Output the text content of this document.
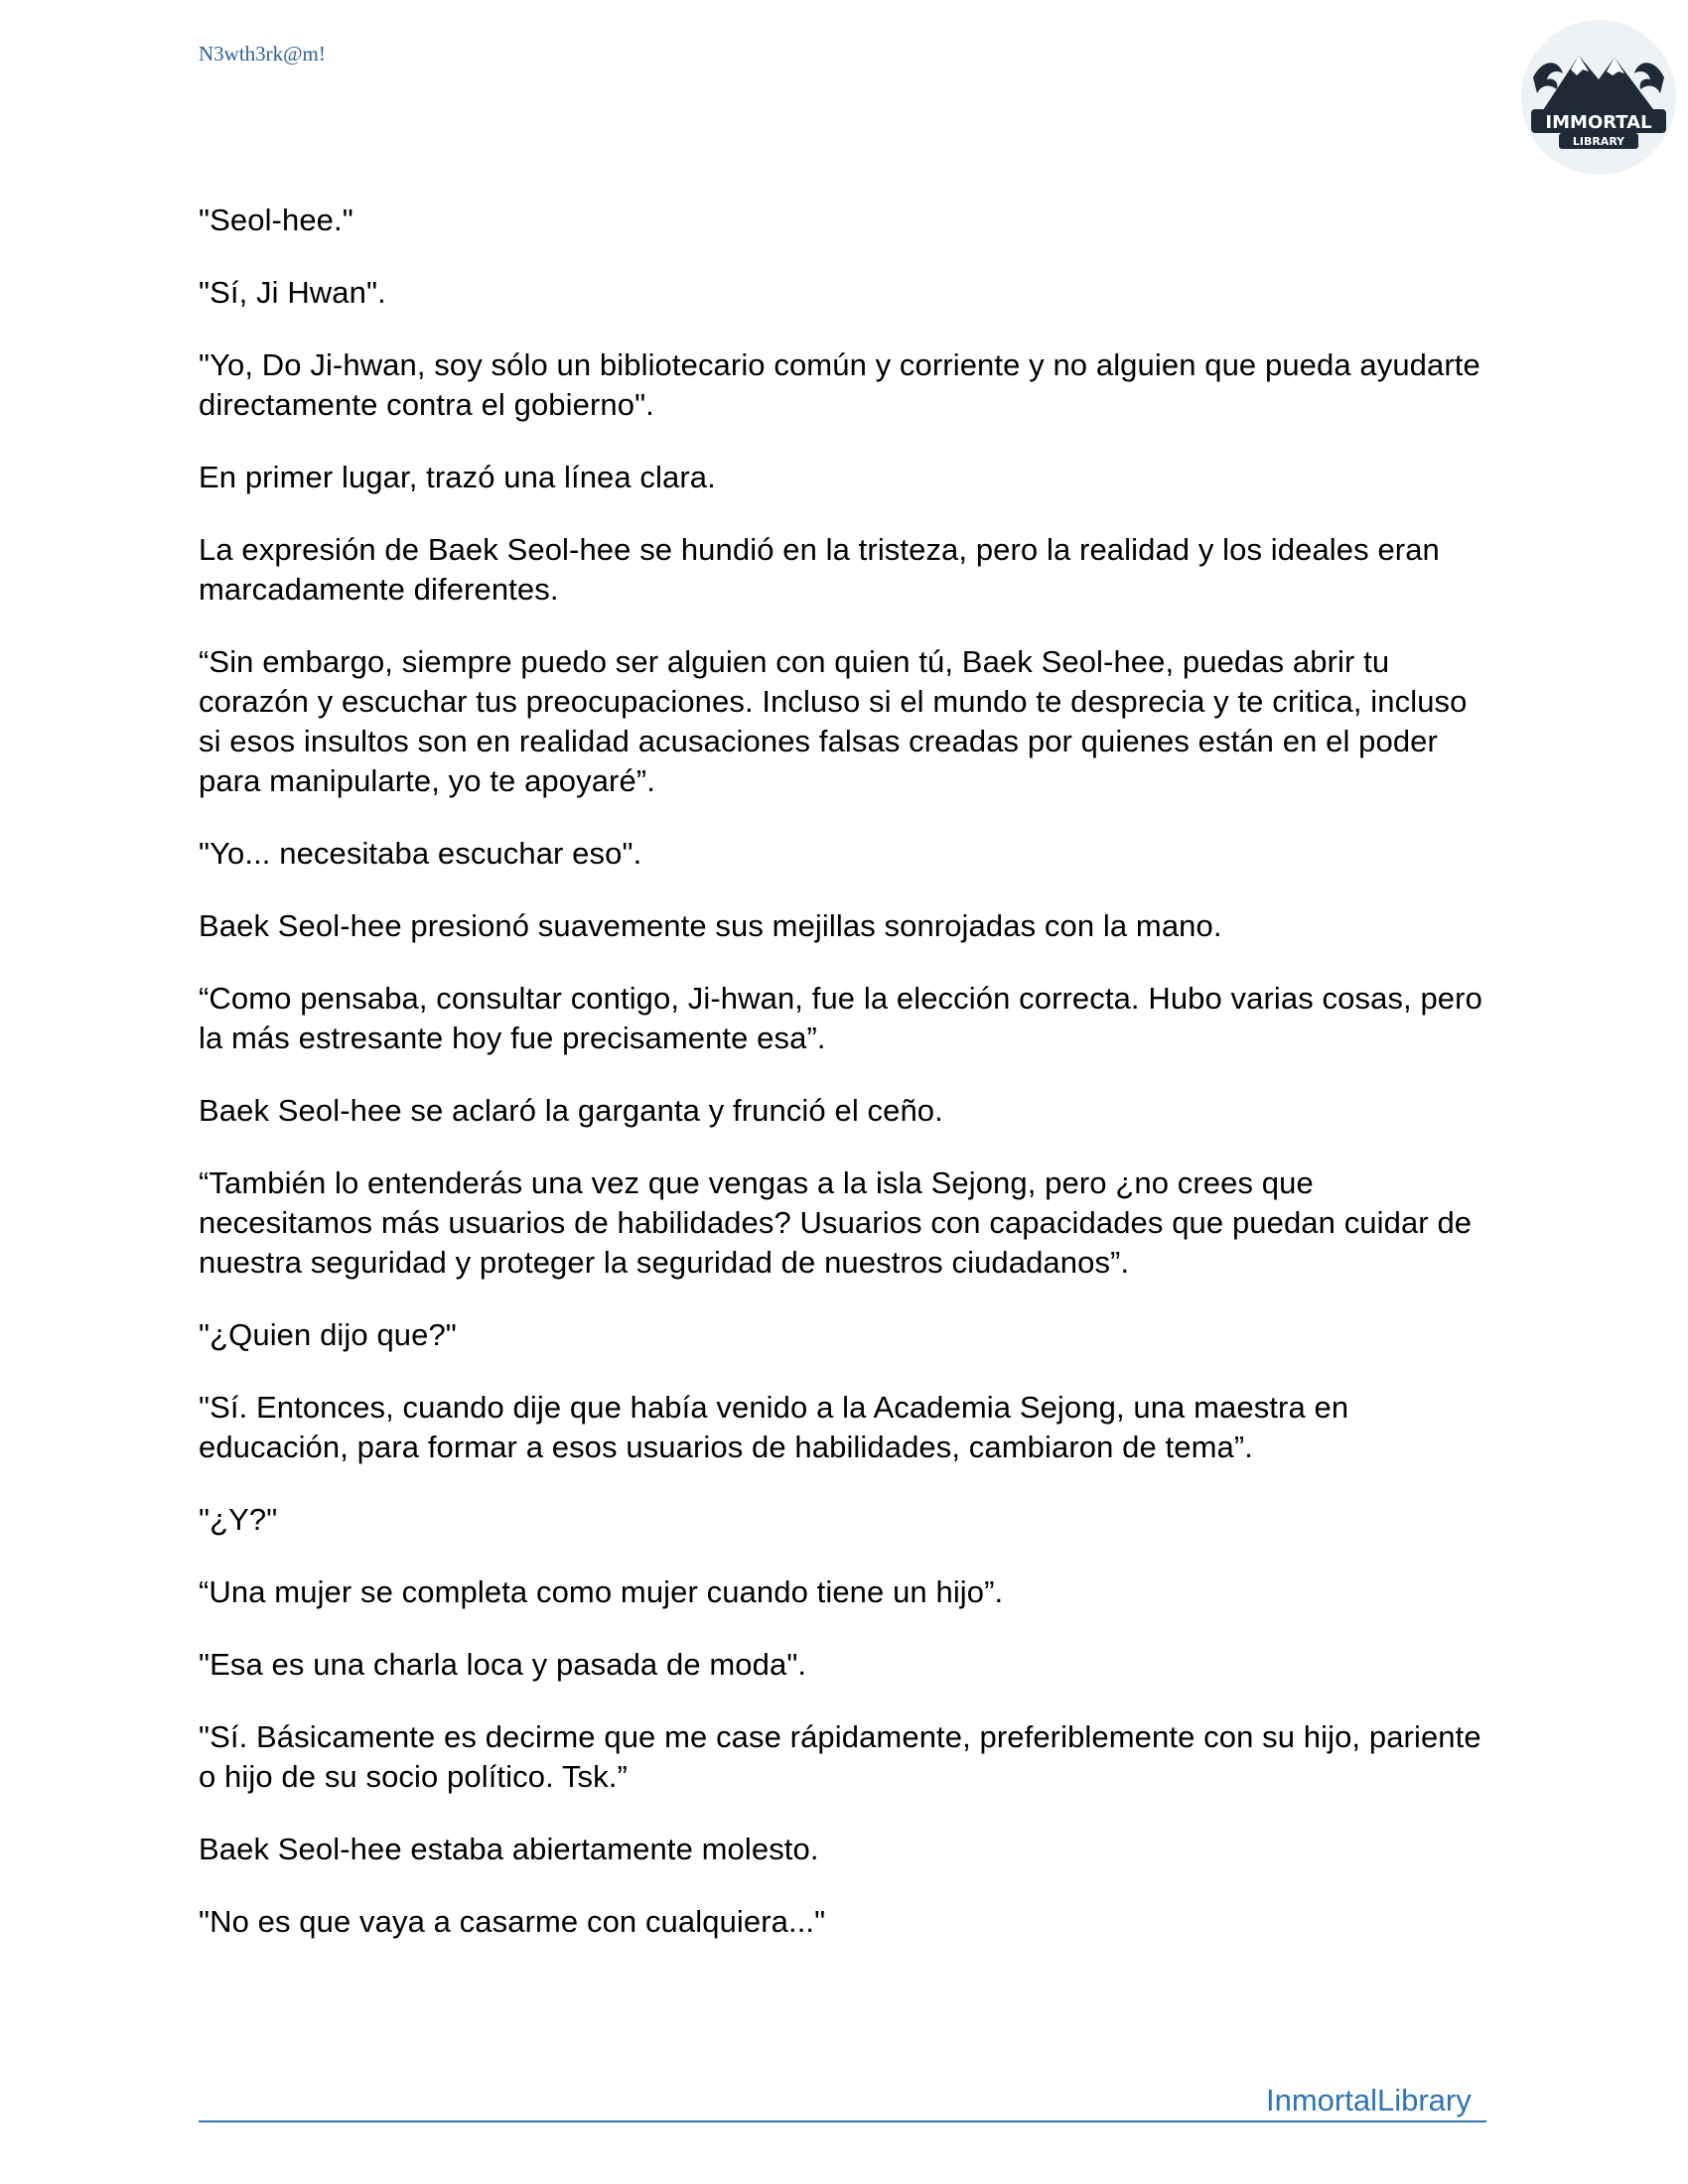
N3wth3rk@m!

IMMORTAL
LIBRARY

"Seol-hee."

"Sí, Ji Hwan".

"Yo, Do Ji-hwan, soy sólo un bibliotecario común y corriente y no alguien que pueda ayudarte directamente contra el gobierno".

En primer lugar, trazó una línea clara.

La expresión de Baek Seol-hee se hundió en la tristeza, pero la realidad y los ideales eran marcadamente diferentes.

“Sin embargo, siempre puedo ser alguien con quien tú, Baek Seol-hee, puedas abrir tu corazón y escuchar tus preocupaciones. Incluso si el mundo te desprecia y te critica, incluso si esos insultos son en realidad acusaciones falsas creadas por quienes están en el poder para manipularte, yo te apoyaré”.

"Yo... necesitaba escuchar eso".

Baek Seol-hee presionó suavemente sus mejillas sonrojadas con la mano.

“Como pensaba, consultar contigo, Ji-hwan, fue la elección correcta. Hubo varias cosas, pero la más estresante hoy fue precisamente esa”.

Baek Seol-hee se aclaró la garganta y frunció el ceño.

“También lo entenderás una vez que vengas a la isla Sejong, pero ¿no crees que necesitamos más usuarios de habilidades? Usuarios con capacidades que puedan cuidar de nuestra seguridad y proteger la seguridad de nuestros ciudadanos”.

"¿Quien dijo que?"

"Sí. Entonces, cuando dije que había venido a la Academia Sejong, una maestra en educación, para formar a esos usuarios de habilidades, cambiaron de tema”.

"¿Y?"

“Una mujer se completa como mujer cuando tiene un hijo”.

"Esa es una charla loca y pasada de moda".

"Sí. Básicamente es decirme que me case rápidamente, preferiblemente con su hijo, pariente o hijo de su socio político. Tsk.”

Baek Seol-hee estaba abiertamente molesto.

"No es que vaya a casarme con cualquiera..."

InmortalLibrary
